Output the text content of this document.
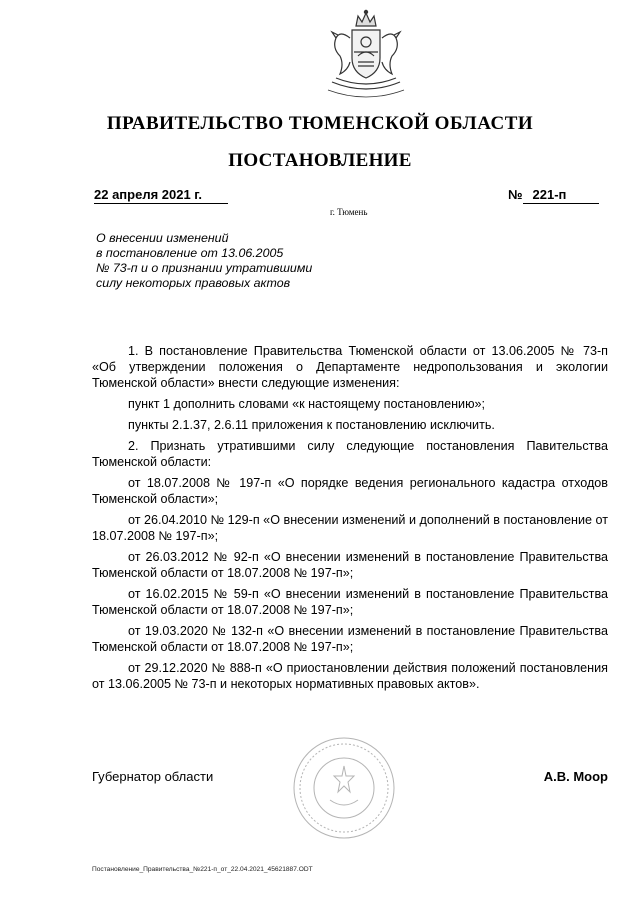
ПРАВИТЕЛЬСТВО ТЮМЕНСКОЙ ОБЛАСТИ
ПОСТАНОВЛЕНИЕ
22 апреля 2021 г.	№ 221-п
г. Тюмень
О внесении изменений
в постановление от 13.06.2005
№ 73-п и о признании утратившими
силу некоторых правовых актов

1. В постановление Правительства Тюменской области от 13.06.2005 № 73-п «Об утверждении положения о Департаменте недропользования и экологии Тюменской области» внести следующие изменения:

пункт 1 дополнить словами «к настоящему постановлению»;

пункты 2.1.37, 2.6.11 приложения к постановлению исключить.

2. Признать утратившими силу следующие постановления Павительства Тюменской области:

от 18.07.2008 № 197-п «О порядке ведения регионального кадастра отходов Тюменской области»;

от 26.04.2010 № 129-п «О внесении изменений и дополнений в постановление от 18.07.2008 № 197-п»;

от 26.03.2012 № 92-п «О внесении изменений в постановление Правительства Тюменской области от 18.07.2008 № 197-п»;

от 16.02.2015 № 59-п «О внесении изменений в постановление Правительства Тюменской области от 18.07.2008 № 197-п»;

от 19.03.2020 № 132-п «О внесении изменений в постановление Правительства Тюменской области от 18.07.2008 № 197-п»;

от 29.12.2020 № 888-п «О приостановлении действия положений постановления от 13.06.2005 № 73-п и некоторых нормативных правовых актов».

Губернатор области	А.В. Моор
Постановление_Правительства_№221-п_от_22.04.2021_45621887.ODT
